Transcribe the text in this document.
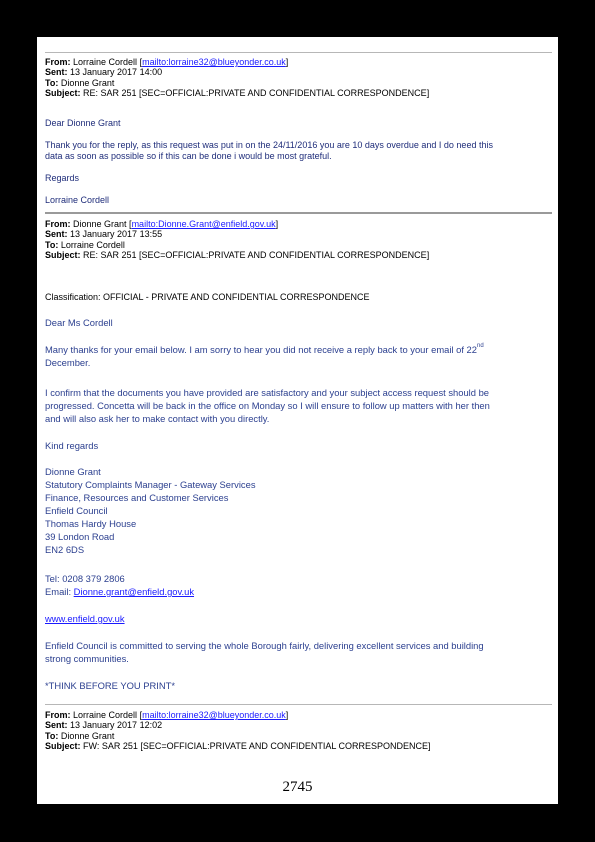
From: Lorraine Cordell [mailto:lorraine32@blueyonder.co.uk]
Sent: 13 January 2017 14:00
To: Dionne Grant
Subject: RE: SAR 251 [SEC=OFFICIAL:PRIVATE AND CONFIDENTIAL CORRESPONDENCE]
Dear Dionne Grant
Thank you for the reply, as this request was put in on the 24/11/2016 you are 10 days overdue and I do need this
data as soon as possible so if this can be done i would be most grateful.
Regards
Lorraine Cordell
From: Dionne Grant [mailto:Dionne.Grant@enfield.gov.uk]
Sent: 13 January 2017 13:55
To: Lorraine Cordell
Subject: RE: SAR 251 [SEC=OFFICIAL:PRIVATE AND CONFIDENTIAL CORRESPONDENCE]
Classification: OFFICIAL - PRIVATE AND CONFIDENTIAL CORRESPONDENCE
Dear Ms Cordell
Many thanks for your email below. I am sorry to hear you did not receive a reply back to your email of 22nd
December.
I confirm that the documents you have provided are satisfactory and your subject access request should be
progressed. Concetta will be back in the office on Monday so I will ensure to follow up matters with her then
and will also ask her to make contact with you directly.
Kind regards
Dionne Grant
Statutory Complaints Manager - Gateway Services
Finance, Resources and Customer Services
Enfield Council
Thomas Hardy House
39 London Road
EN2 6DS
Tel: 0208 379 2806
Email: Dionne.grant@enfield.gov.uk
www.enfield.gov.uk
Enfield Council is committed to serving the whole Borough fairly, delivering excellent services and building
strong communities.
*THINK BEFORE YOU PRINT*
From: Lorraine Cordell [mailto:lorraine32@blueyonder.co.uk]
Sent: 13 January 2017 12:02
To: Dionne Grant
Subject: FW: SAR 251 [SEC=OFFICIAL:PRIVATE AND CONFIDENTIAL CORRESPONDENCE]
2745
